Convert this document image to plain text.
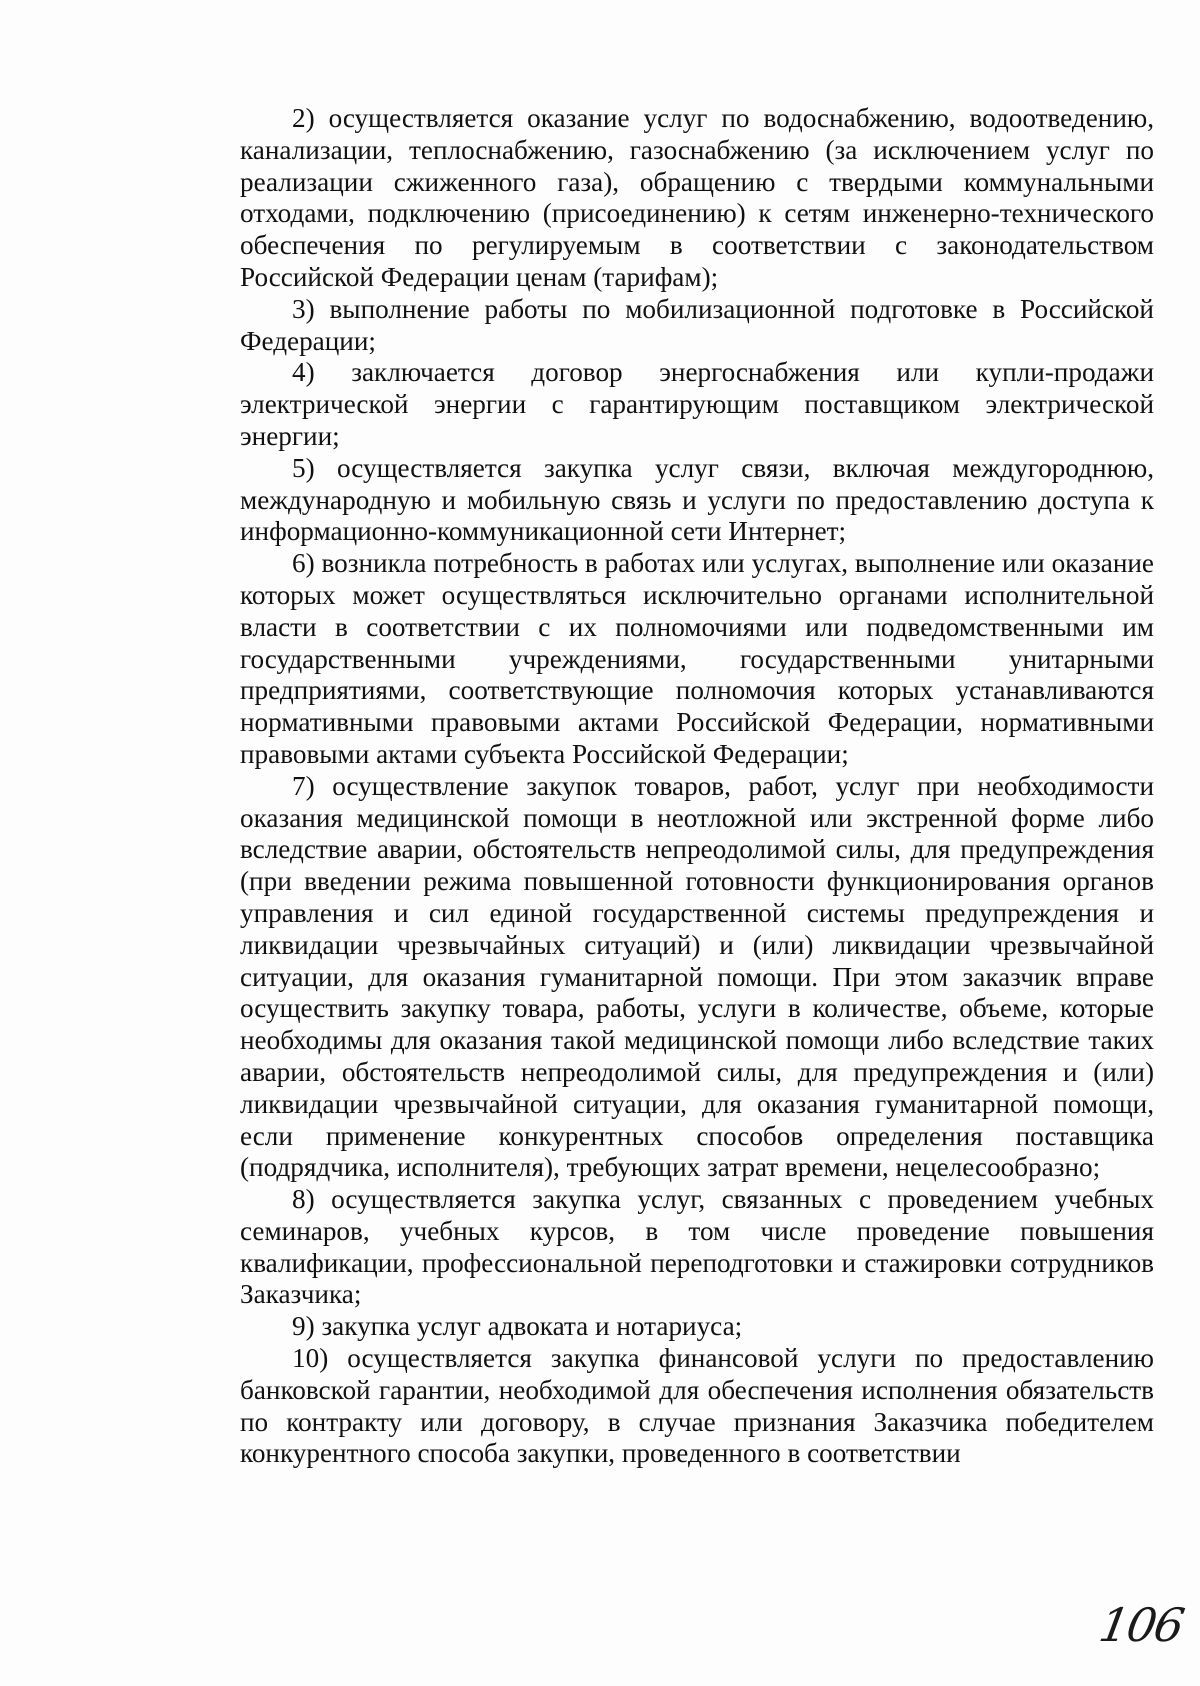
2) осуществляется оказание услуг по водоснабжению, водоотведению, канализации, теплоснабжению, газоснабжению (за исключением услуг по реализации сжиженного газа), обращению с твердыми коммунальными отходами, подключению (присоединению) к сетям инженерно-технического обеспечения по регулируемым в соответствии с законодательством Российской Федерации ценам (тарифам);

3) выполнение работы по мобилизационной подготовке в Российской Федерации;

4) заключается договор энергоснабжения или купли-продажи электрической энергии с гарантирующим поставщиком электрической энергии;

5) осуществляется закупка услуг связи, включая междугороднюю, международную и мобильную связь и услуги по предоставлению доступа к информационно-коммуникационной сети Интернет;

6) возникла потребность в работах или услугах, выполнение или оказание которых может осуществляться исключительно органами исполнительной власти в соответствии с их полномочиями или подведомственными им государственными учреждениями, государственными унитарными предприятиями, соответствующие полномочия которых устанавливаются нормативными правовыми актами Российской Федерации, нормативными правовыми актами субъекта Российской Федерации;

7) осуществление закупок товаров, работ, услуг при необходимости оказания медицинской помощи в неотложной или экстренной форме либо вследствие аварии, обстоятельств непреодолимой силы, для предупреждения (при введении режима повышенной готовности функционирования органов управления и сил единой государственной системы предупреждения и ликвидации чрезвычайных ситуаций) и (или) ликвидации чрезвычайной ситуации, для оказания гуманитарной помощи. При этом заказчик вправе осуществить закупку товара, работы, услуги в количестве, объеме, которые необходимы для оказания такой медицинской помощи либо вследствие таких аварии, обстоятельств непреодолимой силы, для предупреждения и (или) ликвидации чрезвычайной ситуации, для оказания гуманитарной помощи, если применение конкурентных способов определения поставщика (подрядчика, исполнителя), требующих затрат времени, нецелесообразно;

8) осуществляется закупка услуг, связанных с проведением учебных семинаров, учебных курсов, в том числе проведение повышения квалификации, профессиональной переподготовки и стажировки сотрудников Заказчика;

9) закупка услуг адвоката и нотариуса;

10) осуществляется закупка финансовой услуги по предоставлению банковской гарантии, необходимой для обеспечения исполнения обязательств по контракту или договору, в случае признания Заказчика победителем конкурентного способа закупки, проведенного в соответствии

106
